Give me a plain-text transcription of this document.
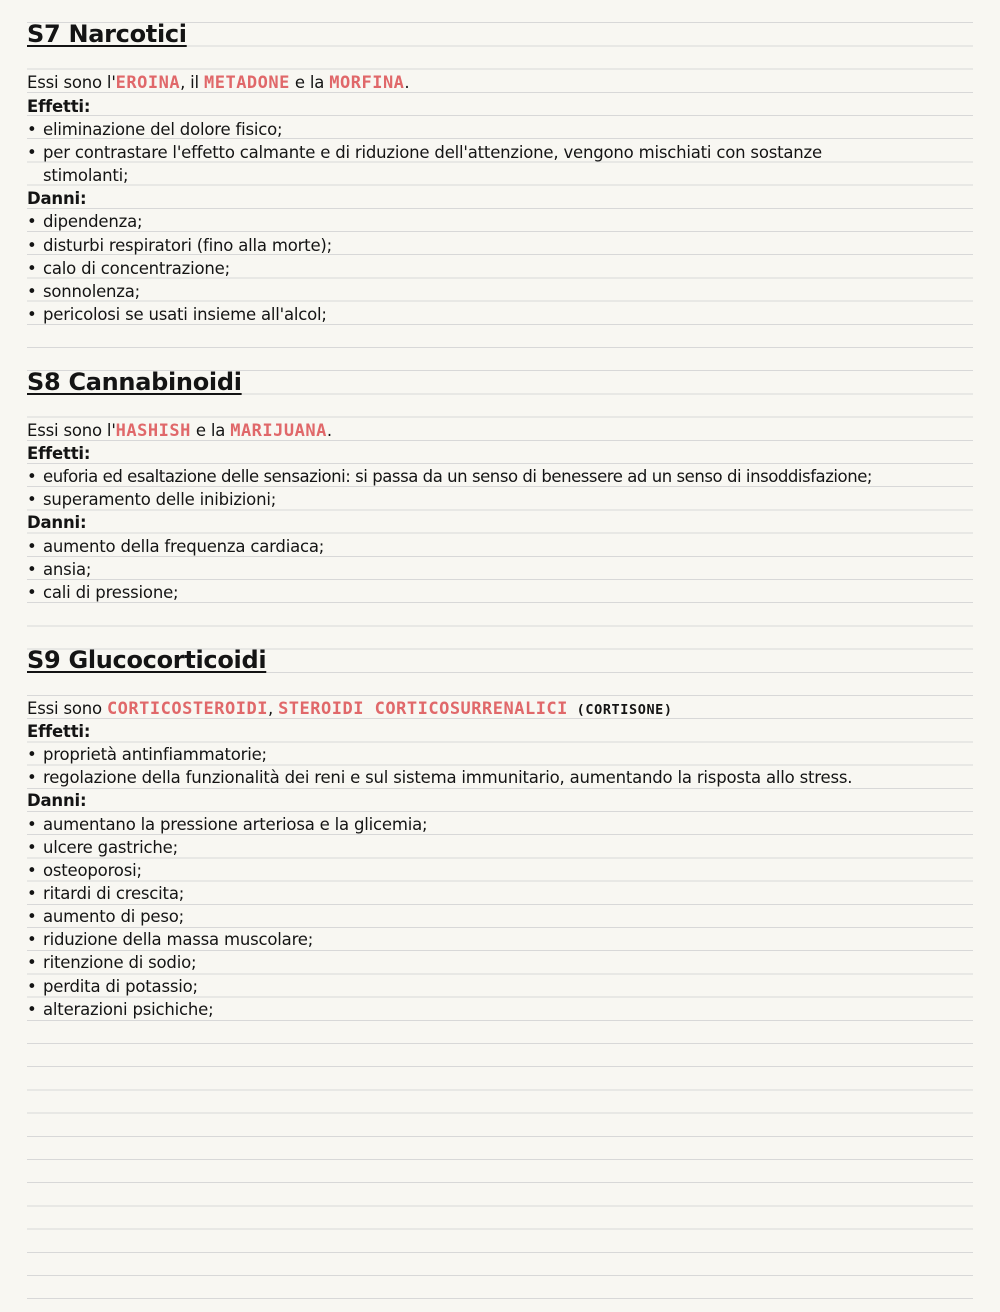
S7 Narcotici
Essi sono l'EROINA, il METADONE e la MORFINA.
Effetti:
• eliminazione del dolore fisico;
• per contrastare l'effetto calmante e di riduzione dell'attenzione, vengono mischiati con sostanze
stimolanti;
Danni:
• dipendenza;
• disturbi respiratori (fino alla morte);
• calo di concentrazione;
• sonnolenza;
• pericolosi se usati insieme all'alcol;
S8 Cannabinoidi
Essi sono l'HASHISH e la MARIJUANA.
Effetti:
• euforia ed esaltazione delle sensazioni: si passa da un senso di benessere ad un senso di insoddisfazione;
• superamento delle inibizioni;
Danni:
• aumento della frequenza cardiaca;
• ansia;
• cali di pressione;
S9 Glucocorticoidi
Essi sono CORTICOSTEROIDI, STEROIDI CORTICOSURRENALICI (CORTISONE)
Effetti:
• proprietà antinfiammatorie;
• regolazione della funzionalità dei reni e sul sistema immunitario, aumentando la risposta allo stress.
Danni:
• aumentano la pressione arteriosa e la glicemia;
• ulcere gastriche;
• osteoporosi;
• ritardi di crescita;
• aumento di peso;
• riduzione della massa muscolare;
• ritenzione di sodio;
• perdita di potassio;
• alterazioni psichiche;
